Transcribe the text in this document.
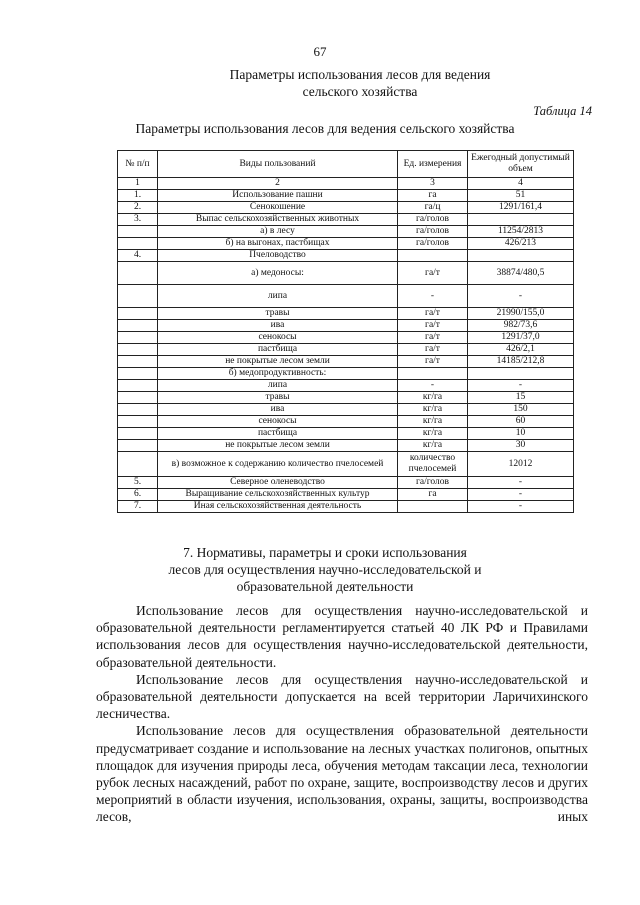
67
Параметры использования лесов для ведения
сельского хозяйства
Таблица 14
Параметры использования лесов для ведения сельского хозяйства
№ п/п	Виды пользований	Ед. измерения	Ежегодный допустимый объем
1	2	3	4
1.	Использование пашни	га	51
2.	Сенокошение	га/ц	1291/161,4
3.	Выпас сельскохозяйственных животных	га/голов	
	а) в лесу	га/голов	11254/2813
	б) на выгонах, пастбищах	га/голов	426/213
4.	Пчеловодство		
	а) медоносы:	га/т	38874/480,5
	липа	-	-
	травы	га/т	21990/155,0
	ива	га/т	982/73,6
	сенокосы	га/т	1291/37,0
	пастбища	га/т	426/2,1
	не покрытые лесом земли	га/т	14185/212,8
	б) медопродуктивность:		
	липа	-	-
	травы	кг/га	15
	ива	кг/га	150
	сенокосы	кг/га	60
	пастбища	кг/га	10
	не покрытые лесом земли	кг/га	30
	в) возможное к содержанию количество пчелосемей	количество пчелосемей	12012
5.	Северное оленеводство	га/голов	-
6.	Выращивание сельскохозяйственных культур	га	-
7.	Иная сельскохозяйственная деятельность		-
7. Нормативы, параметры и сроки использования
лесов для осуществления научно-исследовательской и
образовательной деятельности

Использование лесов для осуществления научно-исследовательской и образовательной деятельности регламентируется статьей 40 ЛК РФ и Правилами использования лесов для осуществления научно-исследовательской деятельности, образовательной деятельности.

Использование лесов для осуществления научно-исследовательской и образовательной деятельности допускается на всей территории Ларичихинского лесничества.

Использование лесов для осуществления образовательной деятельности предусматривает создание и использование на лесных участках полигонов, опытных площадок для изучения природы леса, обучения методам таксации леса, технологии рубок лесных насаждений, работ по охране, защите, воспроизводству лесов и других мероприятий в области изучения, использования, охраны, защиты, воспроизводства лесов, иных
